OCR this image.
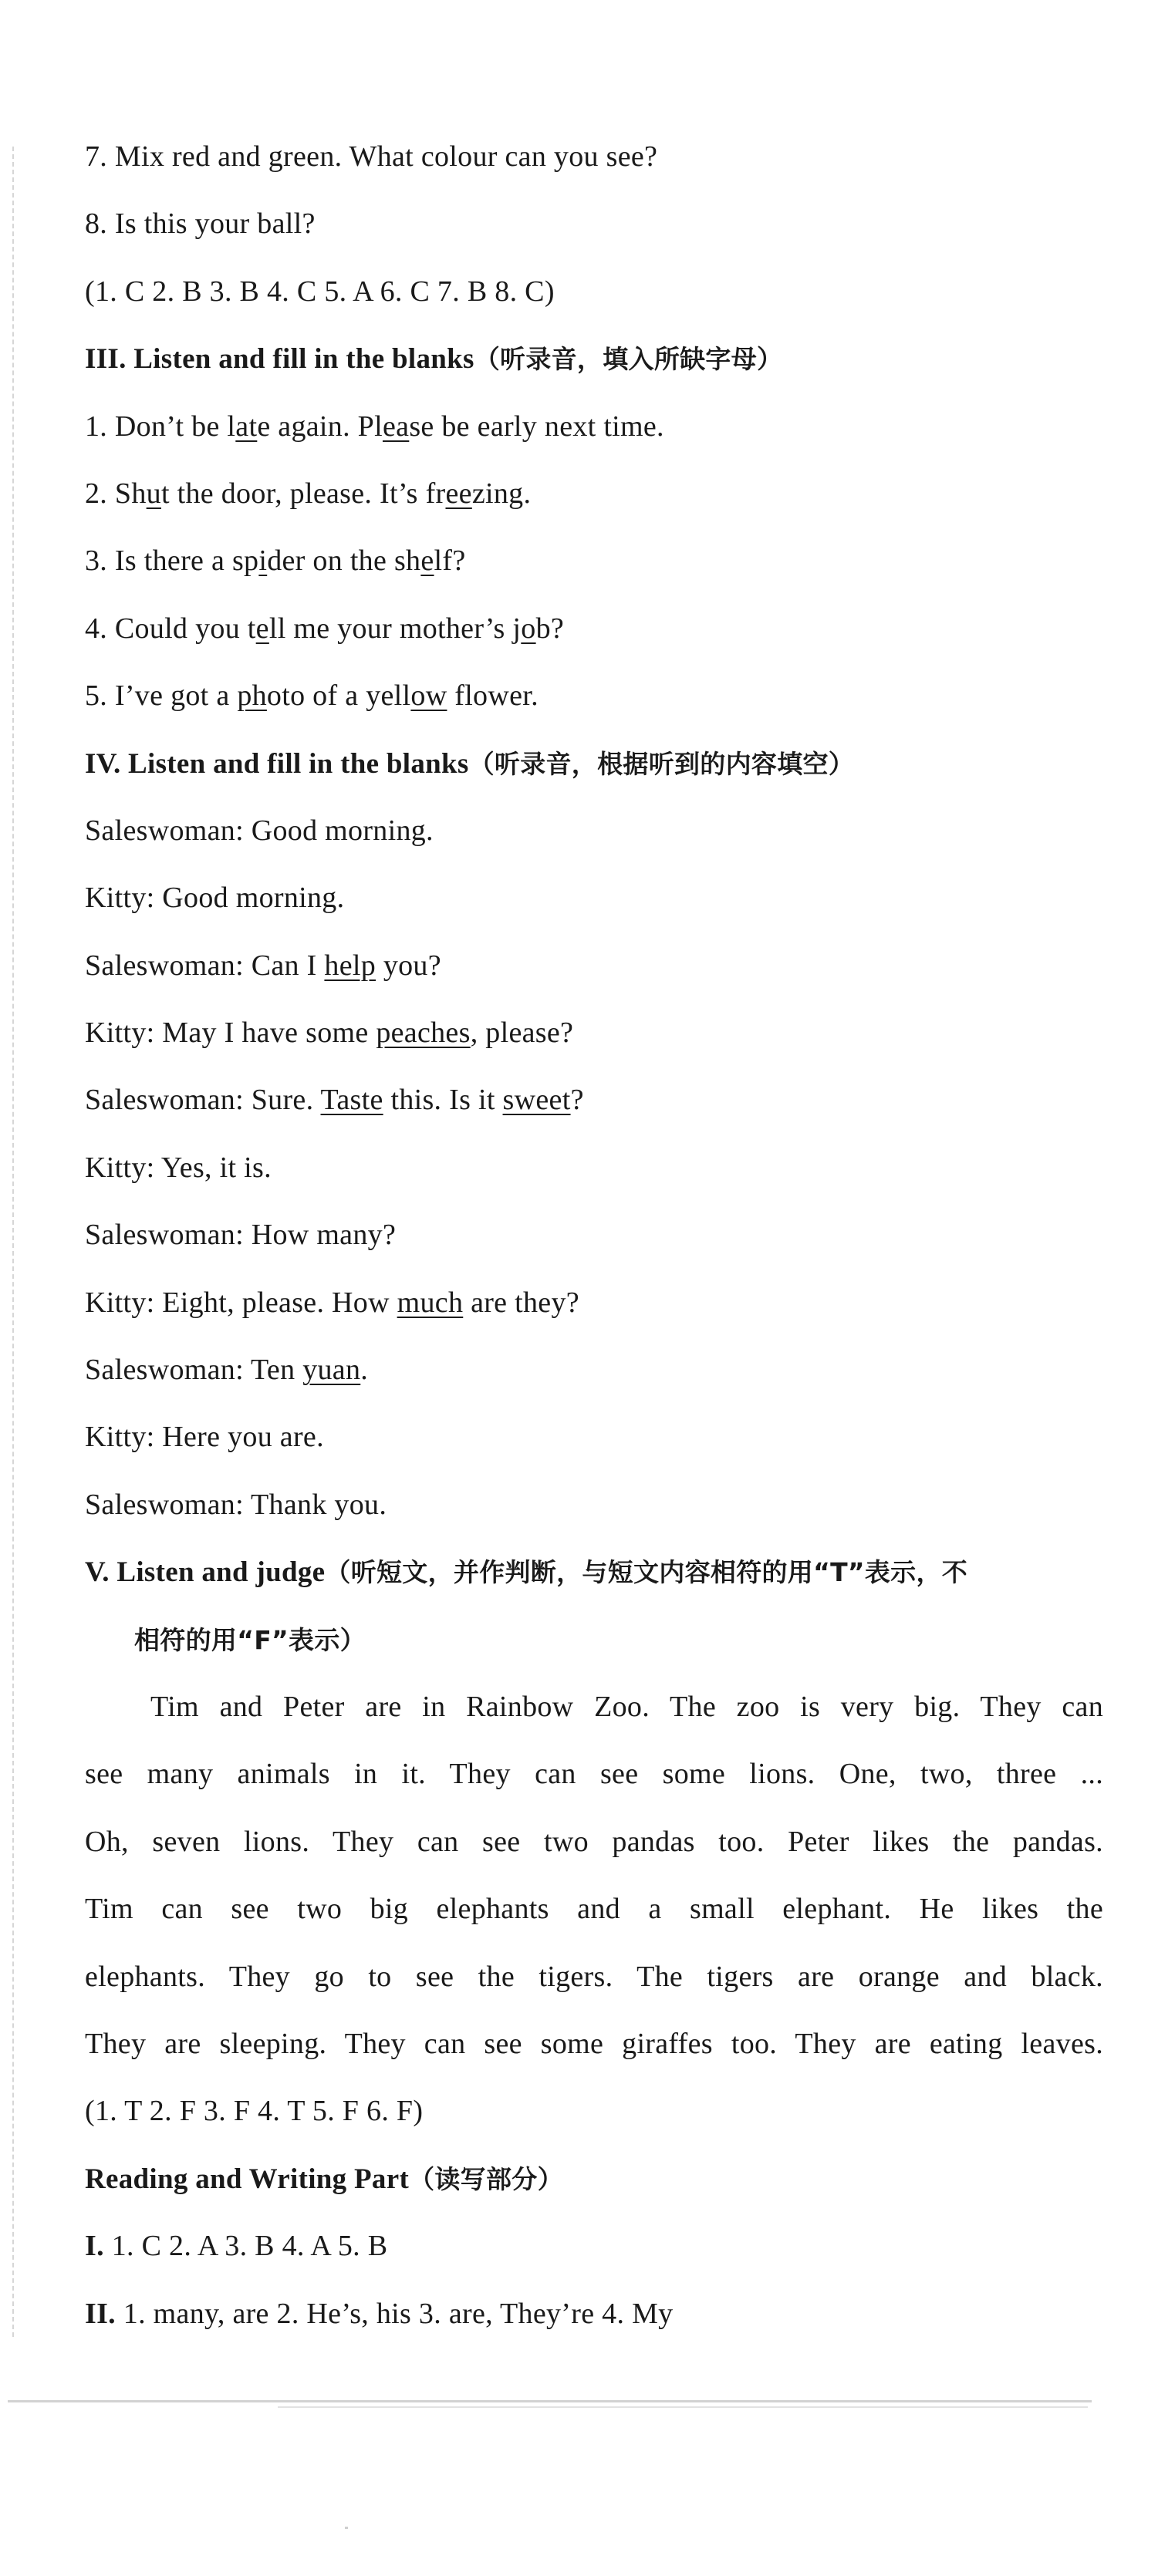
7. Mix red and green. What colour can you see?
8. Is this your ball?
(1. C 2. B 3. B 4. C 5. A 6. C 7. B 8. C)
III. Listen and fill in the blanks（听录音，填入所缺字母）
1. Don’t be late again. Please be early next time.
2. Shut the door, please. It’s freezing.
3. Is there a spider on the shelf?
4. Could you tell me your mother’s job?
5. I’ve got a photo of a yellow flower.
IV. Listen and fill in the blanks（听录音，根据听到的内容填空）
Saleswoman: Good morning.
Kitty: Good morning.
Saleswoman: Can I help you?
Kitty: May I have some peaches, please?
Saleswoman: Sure. Taste this. Is it sweet?
Kitty: Yes, it is.
Saleswoman: How many?
Kitty: Eight, please. How much are they?
Saleswoman: Ten yuan.
Kitty: Here you are.
Saleswoman: Thank you.
V. Listen and judge（听短文，并作判断，与短文内容相符的用“T”表示，不
相符的用“F”表示）
Tim and Peter are in Rainbow Zoo. The zoo is very big. They can
see many animals in it. They can see some lions. One, two, three ...
Oh, seven lions. They can see two pandas too. Peter likes the pandas.
Tim can see two big elephants and a small elephant. He likes the
elephants. They go to see the tigers. The tigers are orange and black.
They are sleeping. They can see some giraffes too. They are eating leaves.
(1. T 2. F 3. F 4. T 5. F 6. F)
Reading and Writing Part（读写部分）
I. 1. C 2. A 3. B 4. A 5. B
II. 1. many, are 2. He’s, his 3. are, They’re 4. My
